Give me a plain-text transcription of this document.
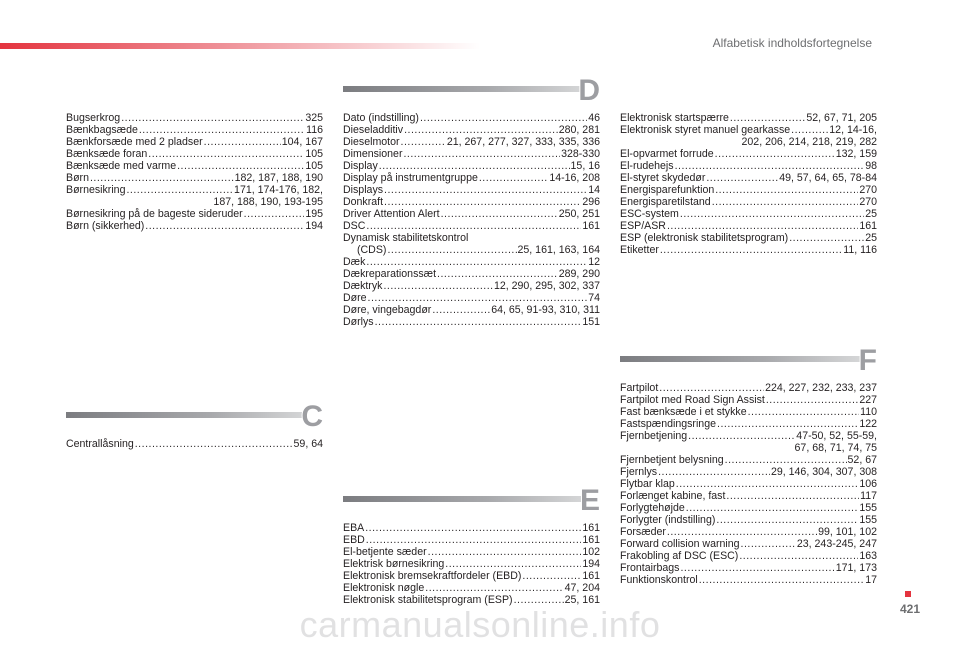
Alfabetisk indholdsfortegnelse
Bugserkrog .....	325
Bænkbagsæde .....	116
Bænkforsæde med 2 pladser .....	104, 167
Bænksæde foran .....	105
Bænksæde med varme .....	105
Børn .....	182, 187, 188, 190
Børnesikring .....	171, 174-176, 182,
187, 188, 190, 193-195
Børnesikring på de bageste sideruder .....	195
Børn (sikkerhed) .....	194
C
Centrallåsning .....	59, 64
D
Dato (indstilling) .....	46
Dieseladditiv .....	280, 281
Dieselmotor .....	21, 267, 277, 327, 333, 335, 336
Dimensioner .....	328-330
Display .....	15, 16
Display på instrumentgruppe .....	14-16, 208
Displays .....	14
Donkraft .....	296
Driver Attention Alert .....	250, 251
DSC .....	161
Dynamisk stabilitetskontrol
(CDS) .....	25, 161, 163, 164
Dæk .....	12
Dækreparationssæt .....	289, 290
Dæktryk .....	12, 290, 295, 302, 337
Døre .....	74
Døre, vingebagdør .....	64, 65, 91-93, 310, 311
Dørlys .....	151
E
EBA .....	161
EBD .....	161
El-betjente sæder .....	102
Elektrisk børnesikring .....	194
Elektronisk bremsekraftfordeler (EBD) .....	161
Elektronisk nøgle .....	47, 204
Elektronisk stabilitetsprogram (ESP) .....	25, 161
Elektronisk startspærre .....	52, 67, 71, 205
Elektronisk styret manuel gearkasse .....	12, 14-16,
202, 206, 214, 218, 219, 282
El-opvarmet forrude .....	132, 159
El-rudehejs .....	98
El-styret skydedør .....	49, 57, 64, 65, 78-84
Energisparefunktion .....	270
Energisparetilstand .....	270
ESC-system .....	25
ESP/ASR .....	161
ESP (elektronisk stabilitetsprogram) .....	25
Etiketter .....	11, 116
F
Fartpilot .....	224, 227, 232, 233, 237
Fartpilot med Road Sign Assist .....	227
Fast bænksæde i et stykke .....	110
Fastspændingsringe .....	122
Fjernbetjening .....	47-50, 52, 55-59,
67, 68, 71, 74, 75
Fjernbetjent belysning .....	52, 67
Fjernlys .....	29, 146, 304, 307, 308
Flytbar klap .....	106
Forlænget kabine, fast .....	117
Forlygtehøjde .....	155
Forlygter (indstilling) .....	155
Forsæder .....	99, 101, 102
Forward collision warning .....	23, 243-245, 247
Frakobling af DSC (ESC) .....	163
Frontairbags .....	171, 173
Funktionskontrol .....	17
421
carmanualsonline.info
